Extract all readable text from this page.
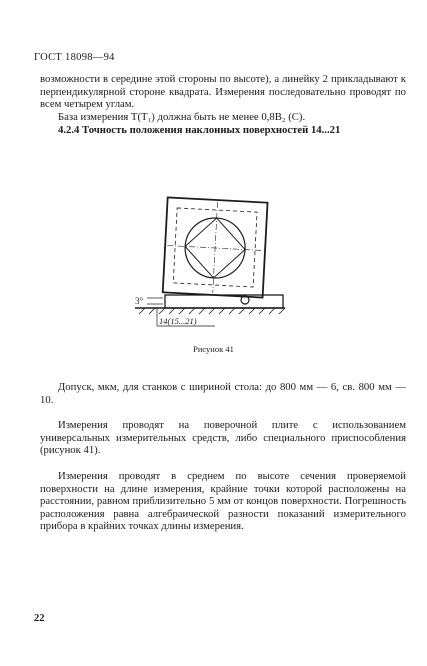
ГОСТ 18098—94

возможности в середине этой стороны по высоте), а линейку 2 прикладывают к перпендикулярной стороне квадрата. Измерения последовательно проводят по всем четырем углам.

База измерения T(T₁) должна быть не менее 0,8B₂ (С).

4.2.4 Точность положения наклонных поверхностей 14...21

3°
14(15...21)
Рисунок 41

Допуск, мкм, для станков с шириной стола: до 800 мм — 6, св. 800 мм — 10.

Измерения проводят на поверочной плите с использованием универсальных измерительных средств, либо специального приспособления (рисунок 41).

Измерения проводят в среднем по высоте сечения проверяемой поверхности на длине измерения, крайние точки которой расположены на расстоянии, равном приблизительно 5 мм от концов поверхности. Погрешность расположения равна алгебраической разности показаний измерительного прибора в крайних точках длины измерения.

22
